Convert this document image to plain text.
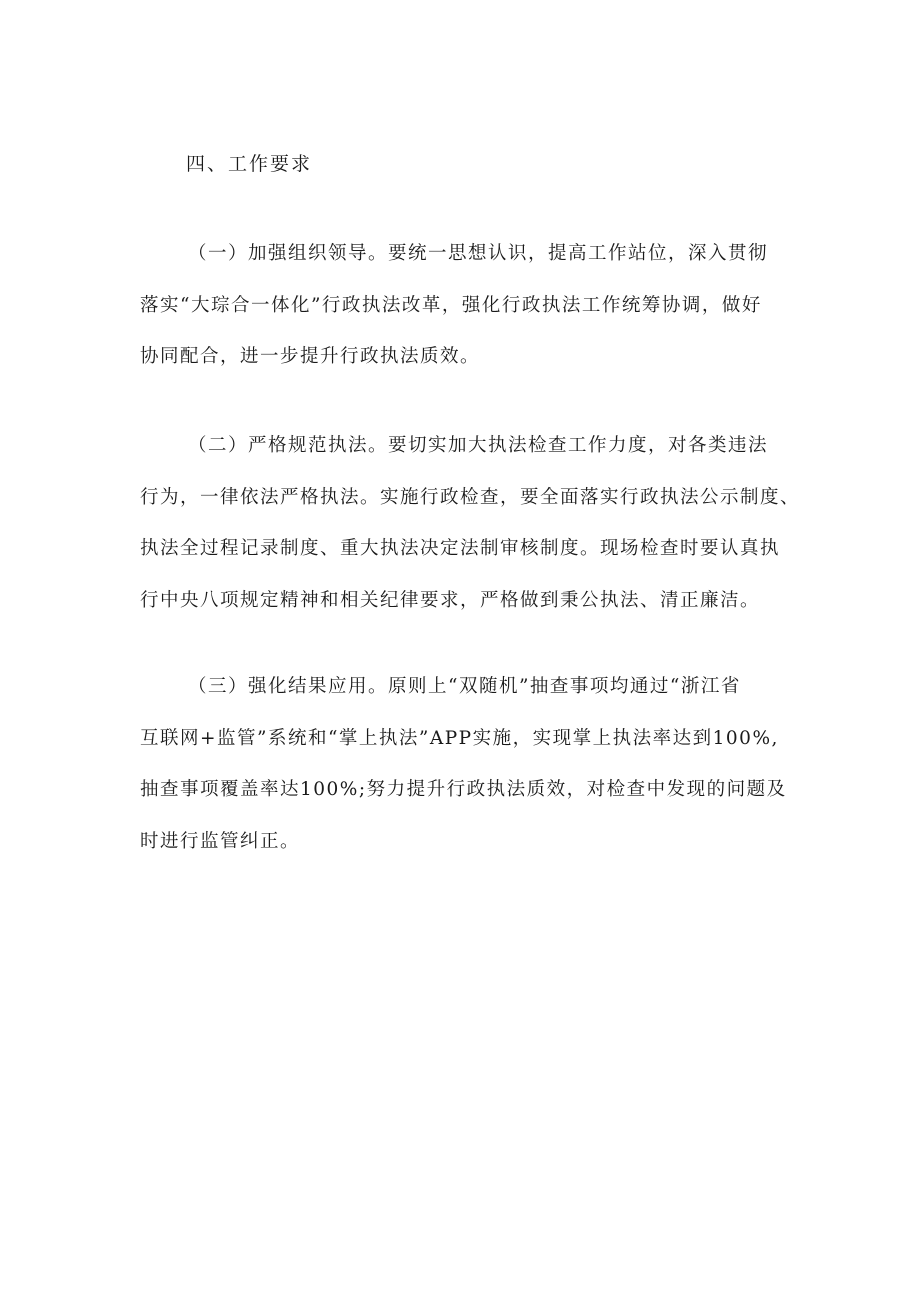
四、工作要求
（一）加强组织领导。要统一思想认识，提高工作站位，深入贯彻
落实“大琮合一体化”行政执法改革，强化行政执法工作统筹协调，做好
协同配合，进一步提升行政执法质效。
（二）严格规范执法。要切实加大执法检查工作力度，对各类违法
行为，一律依法严格执法。实施行政检查，要全面落实行政执法公示制度、
执法全过程记录制度、重大执法决定法制审核制度。现场检查时要认真执
行中央八项规定精神和相关纪律要求，严格做到秉公执法、清正廉洁。
（三）强化结果应用。原则上“双随机”抽查事项均通过“浙江省
互联网+监管”系统和“掌上执法”APP实施，实现掌上执法率达到100%,
抽查事项覆盖率达100%;努力提升行政执法质效，对检查中发现的问题及
时进行监管纠正。
